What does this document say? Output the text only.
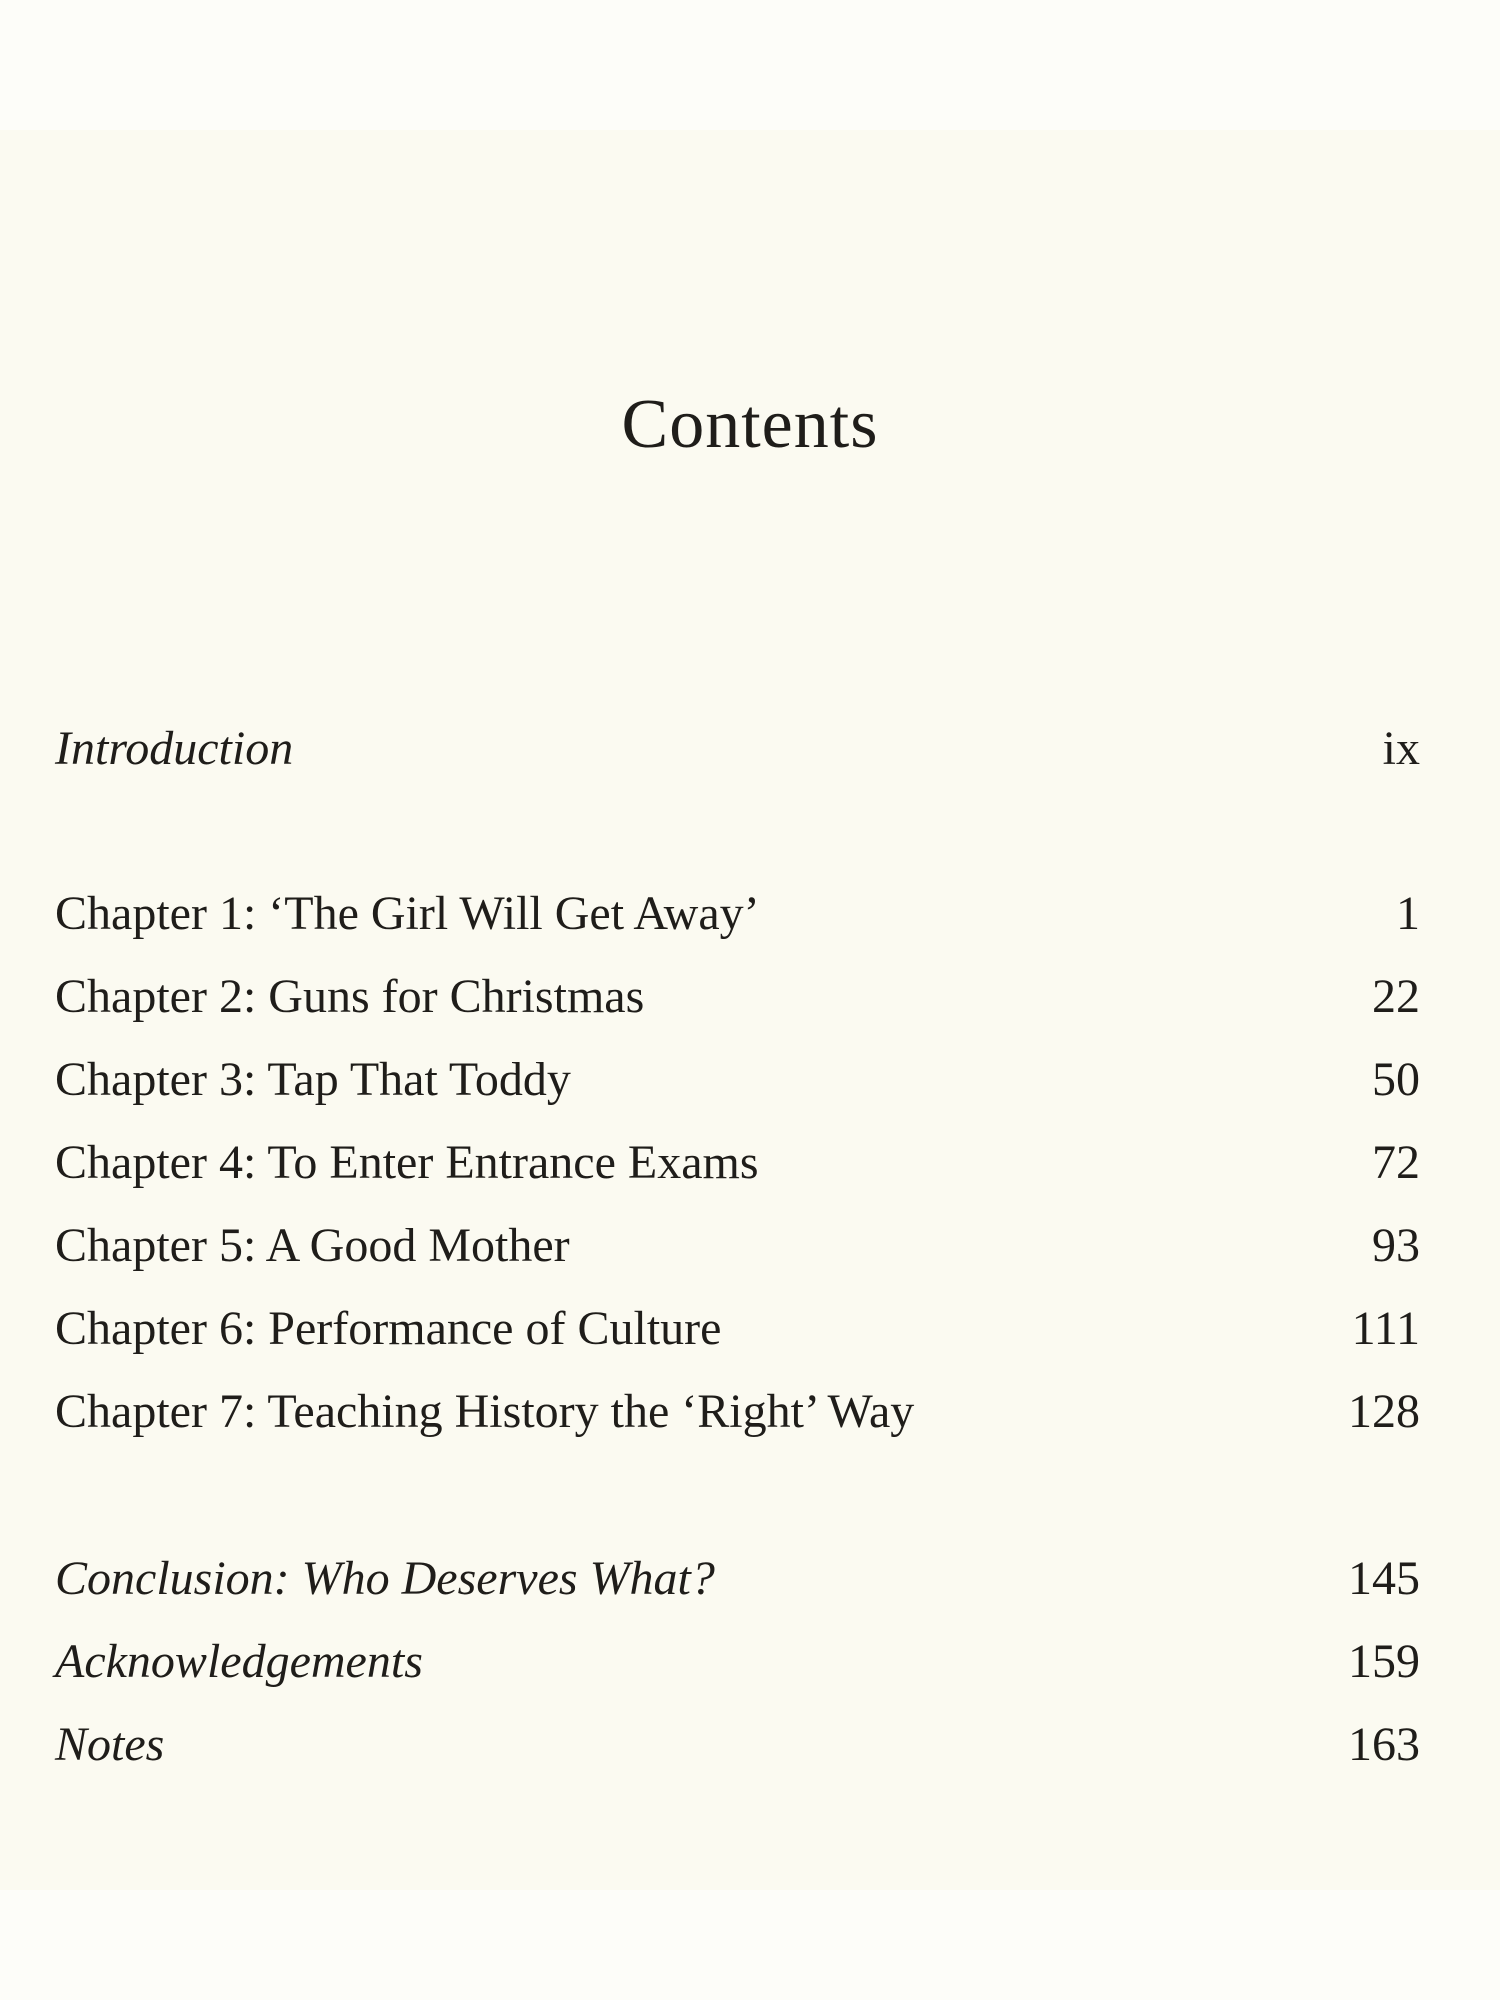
Contents
Introduction	ix
Chapter 1: ‘The Girl Will Get Away’	1
Chapter 2: Guns for Christmas	22
Chapter 3: Tap That Toddy	50
Chapter 4: To Enter Entrance Exams	72
Chapter 5: A Good Mother	93
Chapter 6: Performance of Culture	111
Chapter 7: Teaching History the ‘Right’ Way	128
Conclusion: Who Deserves What?	145
Acknowledgements	159
Notes	163
